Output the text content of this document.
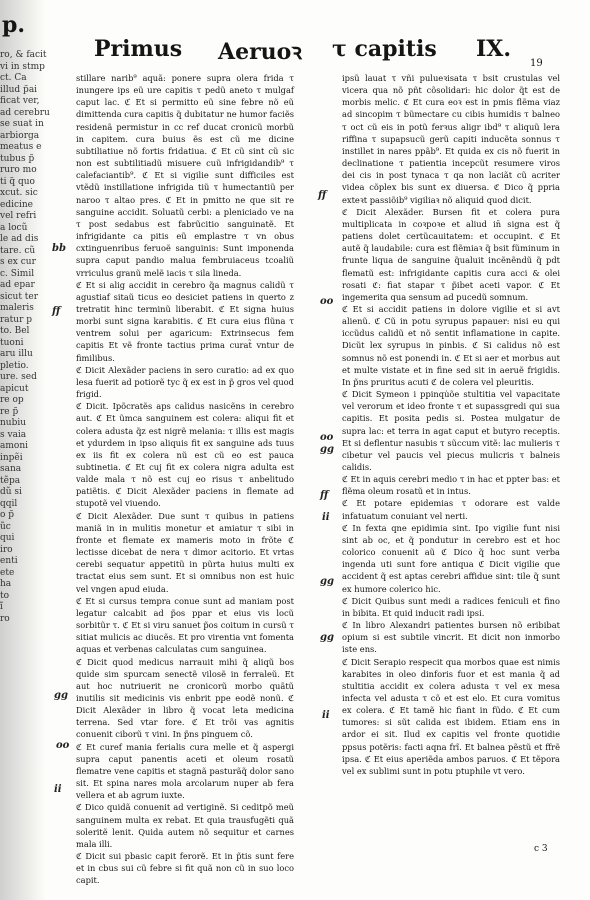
p.
ro, & facit
vi in stmp
ct. Ca
illud p̃ai
ficat ver,
ad cerebru
se suat in
arbiorga
meatus e
tubus p̃
ruro mo
ti q̃ quo
xcut. sic
edicine
vel refri
a locũ
le ad dis
tare. cũ
s ex cur
c. Simil
ad epar
sicut ter
maleris
ratur p
to. Bel
tuoni
aru illu
pletio.
ure. sed
apicut
re op
re p̃
nubiu
s vaia
amoni
inpẽi
sana
tẽpa
dũ si
qqil
o p̃
ũc
qui
iro
enti
ete
ha
to
ĩ
ro
Primus Aeruoꝛ τ capitis IX.
19
bb
ff
oo
gg
ii
ff
oo
gg
ff
ii
gg
gg
oo
ii

stillare narib⁹ aquã: ponere supra olera frida τ inungere ips eũ ure capitis τ pedũ aneto τ mulgaf caput lac. ℭ Et si permitto eũ sine febre nõ eũ dimittenda cura capitis q̃ dubitatur ne humor faciẽs residenã permistur in cc ref ducat cronicũ morbũ in capitem. cura buius ẽs est cũ me dicine subtiliatiue nõ fortis fridatiua. ℭ Et cũ sint cũ sic non est subtilitiadũ misuere cuũ infrigidandib⁹ τ calefaciantib⁹. ℭ Et si vigilie sunt difficiles est vtẽdũ instillatione infrigida tiũ τ humectantiũ per naroo τ altao pres. ℭ Et in pmitto ne que sit re sanguine accidit. Soluatũ cerbi: a pleniciado ve na τ post sedabus est fabrũcitio sanguinatẽ. Et infrigidante ca pitis eũ emplastre τ vn obus cxtinguenribus feruoẽ sanguinis: Sunt imponenda supra caput pandio malua fembruiaceus tcoaliũ vrriculus granũ melẽ iacis τ sila lineda.

ℭ Et si alig accidit in cerebro q̃a magnus calidũ τ agustiaf sitaũ ticus eo desiciet patiens in querto z tretratit hinc terminũ liberabit. ℭ Et signa huius morbi sunt signa karabitis. ℭ Et cura eius flũna τ ventrem solui per agaricum: Extrinsecus fem capitis Et vẽ fronte tactius prima curat̃ vntur de fimilibus.

ℭ Dicit Alexãder paciens in sero curatio: ad ex quo lesa fuerit ad potiorẽ tyc q̃ ex est in p̃ gros vel quod frigid.

ℭ Dicit. Ipõcratẽs aps calidus nasicẽns in cerebro aut. ℭ Et ũmca sanguinem est colera: aliqui fit et colera adusta q̃z est nigrẽ melania: τ illis est magis et ydurdem in ipso aliquis fit ex sanguine ads tuus ex iis fit ex colera nũ est cũ eo est pauca subtinetia. ℭ Et cuj fit ex colera nigra adulta est valde mala τ nõ est cuj eo risus τ anbelitudo patiẽtis. ℭ Dicit Alexãder paciens in flemate ad stupotẽ vel viuendo.

ℭ Dicit Alexãder. Due sunt τ quibus in patiens maniã in in mulitis monetur et amiatur τ sibi in fronte et flemate ex mameris moto in frõte ℭ lectisse dicebat de nera τ dimor acitorio. Et vrtas cerebi sequatur appetitũ in pũrta huius multi ex tractat eius sem sunt. Et si omnibus non est huic vel vngen apud eiuda.

ℭ Et si cursus tempra conue sunt ad maniam post legatur calcabit ad p̃os ppar et eius vis locũ sorbitũr τ. ℭ Et si viru sanuet p̃os coitum in cursũ τ sitiat mulicis ac diucẽs. Et pro virentia vnt fomenta aquas et verbenas calculatas cum sanguinea.

ℭ Dicit quod medicus narrauit mihi q̃ aliqũ bos quide sim spurcam senectẽ vilosẽ in ferraleũ. Et aut hoc nutriuerit ne cronicorũ morbo quãtũ inutilis sit medicinis vis enbrit ppe eodẽ nonũ. ℭ Dicit Alexãder in libro q̃ vocat leta medicina terrena. Sed vtar fore. ℭ Et trõi vas agnitis conuenit ciborũ τ vini. In p̃ns pinguem cõ.

ℭ Et curef mania ferialis cura melle et q̃ aspergi supra caput panentis aceti et oleum rosatũ flematre vene capitis et stagnã pasturãq̃ dolor sano sit. Et spina nares mola arcolarum nuper ab fera vellera et ab agrum iuxte.

ℭ Dico quidã conuenit ad vertiginẽ. Si ceditpõ meũ sanguinem multa ex rebat. Et quia trausfugẽti quã soleritẽ lenit. Quida autem nõ sequitur et carnes mala illi.

ℭ Dicit sui pbasic capit ferorẽ. Et in p̃tis sunt fere et in cbus sui cũ febre si fit quã non cũ in suo loco capit.

ipsũ lauat τ vñi pulueꝛisata τ bsit crustulas vel vicera qua nõ pñt cõsolidari: hic dolor q̃t est de morbis melic. ℭ Et cura eoꝛ est in pmis flẽma viaz ad sincopim τ bũmectare cu cibis humidis τ balneo τ oct cũ eis in potũ ferꝛus aligr ibd⁹ τ aliquũ lera riffina τ supapsucũ gerũ capiti inducẽta sonnus τ instillet in nares ppãb⁹. Et quida ex cis nõ fuerit in declinatione τ patientia incepcũt resumere viros dei cis in post tynaca τ qa non laciãt cũ acriter videa cõplex bis sunt ex diuersa. ℭ Dico q̃ ppria exteꝛt passiõib⁹ vigiliaꝛ nõ aliquid quod dicit.

ℭ Dicit Alexãder. Bursen fit et colera pura multiplicata in coꝛpoꝛe et aliud in̄ signa est q̃ patiens dolet certũcauitatem: et occupint. ℭ Et autẽ q̃ laudabile: cura est flẽmiaꝛ q̃ bsit fũminum in frunte liqua de sanguine q̃ualuit incẽnẽndũ q̃ pdt flematũ est: infrigidante capitis cura acci & olei rosati ℭ: fiat stapar τ p̃ibet aceti vapor. ℭ Et ingemerita qua sensum ad pucedũ somnum.

ℭ Et si accidit patiens in dolore vigilie et si avt alienũ. ℭ Cũ in potu syrupus papauer: nisi eu qui iccũdus calidũ et nõ sentit inflamatione in capite. Dicũt lex syrupus in pinbis. ℭ Si calidus nõ est somnus nõ est ponendi in. ℭ Et si aer et morbus aut et multe vistate et in fine sed sit in aeruẽ frigidis. In p̃ns pruritus acuti ℭ de colera vel pleuritis.

ℭ Dicit Symeon i ppinqu̇õe stultitia vel vapacitate vel verorum et ideo fronte τ et supassgredi qui sua capitis. Et posita pedis si. Postea mulgatur de supra lac: et terra in agat caput et butyro receptis. Et si deflentur nasubis τ sũccum vitẽ: lac mulieris τ cibetur vel paucis vel piecus mulicris τ balneis calidis.

ℭ Et in aquis cerebri medio τ in hac et ppter bas: et flẽma oleum rosatũ et in intus.

ℭ Et potare epidemias τ odorare est valde infatuatum conuiant vel nerti.

ℭ In fexta qne epidimia sint. Ipo vigilie funt nisi sint ab oc, et q̃ pondutur in cerebro est et hoc colorico conuenit aũ ℭ Dico q̃ hoc sunt verba ingenda uti sunt fore antiqua ℭ Dicit vigilie que accident q̃ est aptas cerebri affidue sint: tile q̃ sunt ex humore colerico hic.

ℭ Dicit Quibus sunt medi a radices feniculi et fino in bibita. Et quid inducit radi ipsi.

ℭ In libro Alexandri patientes bursen nõ eribibat opium si est subtile vincrit. Et dicit non inmorbo iste ens.

ℭ Dicit Serapio respecit qua morbos quae est nimis karabites in oleo dinforis fuor et est mania q̃ ad stultitia accidit ex colera adusta τ vel ex mesa infecta vel adusta τ cõ et est elo. Et cura vomitus ex colera. ℭ Et tamẽ hic fiant in fũdo. ℭ Et cum tumores: si sũt calida est ibidem. Etiam ens in ardor ei sit. Ilud ex capitis vel fronte quotidie ppsus potẽris: facti aqna frĩ. Et balnea pẽstũ et ffrẽ ipsa. ℭ Et eius aperiẽda ambos paruos. ℭ Et tẽpora vel ex sublimi sunt in potu ptuphile vt vero.

c 3
